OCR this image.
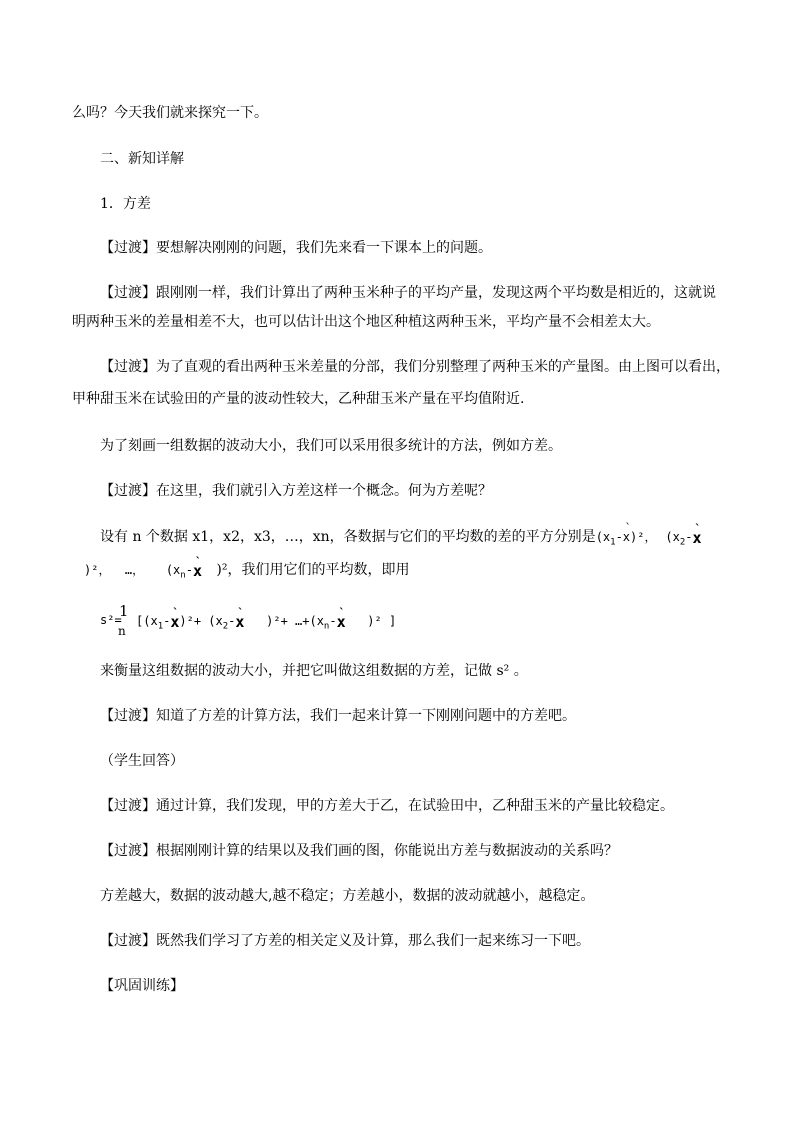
么吗？今天我们就来探究一下。
二、新知详解
1．方差
【过渡】要想解决刚刚的问题，我们先来看一下课本上的问题。
【过渡】跟刚刚一样，我们计算出了两种玉米种子的平均产量，发现这两个平均数是相近的，这就说
明两种玉米的差量相差不大，也可以估计出这个地区种植这两种玉米，平均产量不会相差太大。
【过渡】为了直观的看出两种玉米差量的分部，我们分别整理了两种玉米的产量图。由上图可以看出，
甲种甜玉米在试验田的产量的波动性较大，乙种甜玉米产量在平均值附近.
为了刻画一组数据的波动大小，我们可以采用很多统计的方法，例如方差。
【过渡】在这里，我们就引入方差这样一个概念。何为方差呢？
设有 n 个数据 x1，x2，x3，…，xn，各数据与它们的平均数的差的平方分别是($x_1-`$ x)²， ($x_2-`$ x
)²， …， ($x_n-`$ x )²，我们用它们的平均数，即用
s²=
1
n
[($x_1-`$ $x)^2+ (x_2-`$ x )$^2+ \dots+(x_n-`$ x )² ]
来衡量这组数据的波动大小，并把它叫做这组数据的方差，记做 s² 。
【过渡】知道了方差的计算方法，我们一起来计算一下刚刚问题中的方差吧。
（学生回答）
【过渡】通过计算，我们发现，甲的方差大于乙，在试验田中，乙种甜玉米的产量比较稳定。
【过渡】根据刚刚计算的结果以及我们画的图，你能说出方差与数据波动的关系吗？
方差越大，数据的波动越大,越不稳定；方差越小，数据的波动就越小，越稳定。
【过渡】既然我们学习了方差的相关定义及计算，那么我们一起来练习一下吧。
【巩固训练】
